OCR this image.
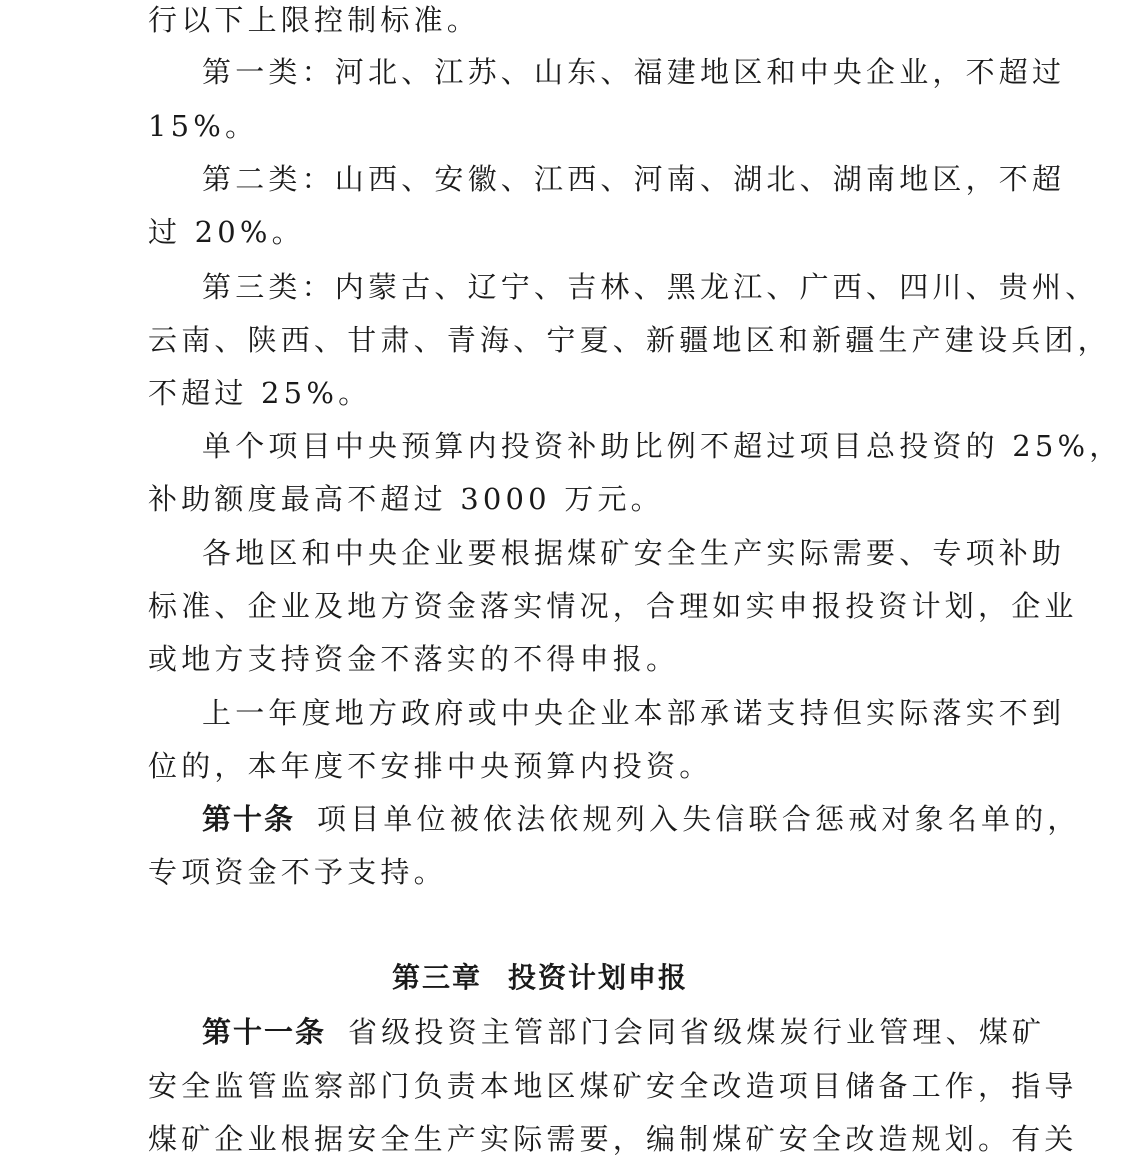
行以下上限控制标准。
第一类：河北、江苏、山东、福建地区和中央企业，不超过
15%。
第二类：山西、安徽、江西、河南、湖北、湖南地区，不超
过 20%。
第三类：内蒙古、辽宁、吉林、黑龙江、广西、四川、贵州、
云南、陕西、甘肃、青海、宁夏、新疆地区和新疆生产建设兵团，
不超过 25%。
单个项目中央预算内投资补助比例不超过项目总投资的 25%，
补助额度最高不超过 3000 万元。
各地区和中央企业要根据煤矿安全生产实际需要、专项补助
标准、企业及地方资金落实情况，合理如实申报投资计划，企业
或地方支持资金不落实的不得申报。
上一年度地方政府或中央企业本部承诺支持但实际落实不到
位的，本年度不安排中央预算内投资。
第十条 项目单位被依法依规列入失信联合惩戒对象名单的，
专项资金不予支持。
第三章 投资计划申报
第十一条 省级投资主管部门会同省级煤炭行业管理、煤矿
安全监管监察部门负责本地区煤矿安全改造项目储备工作，指导
煤矿企业根据安全生产实际需要，编制煤矿安全改造规划。有关
